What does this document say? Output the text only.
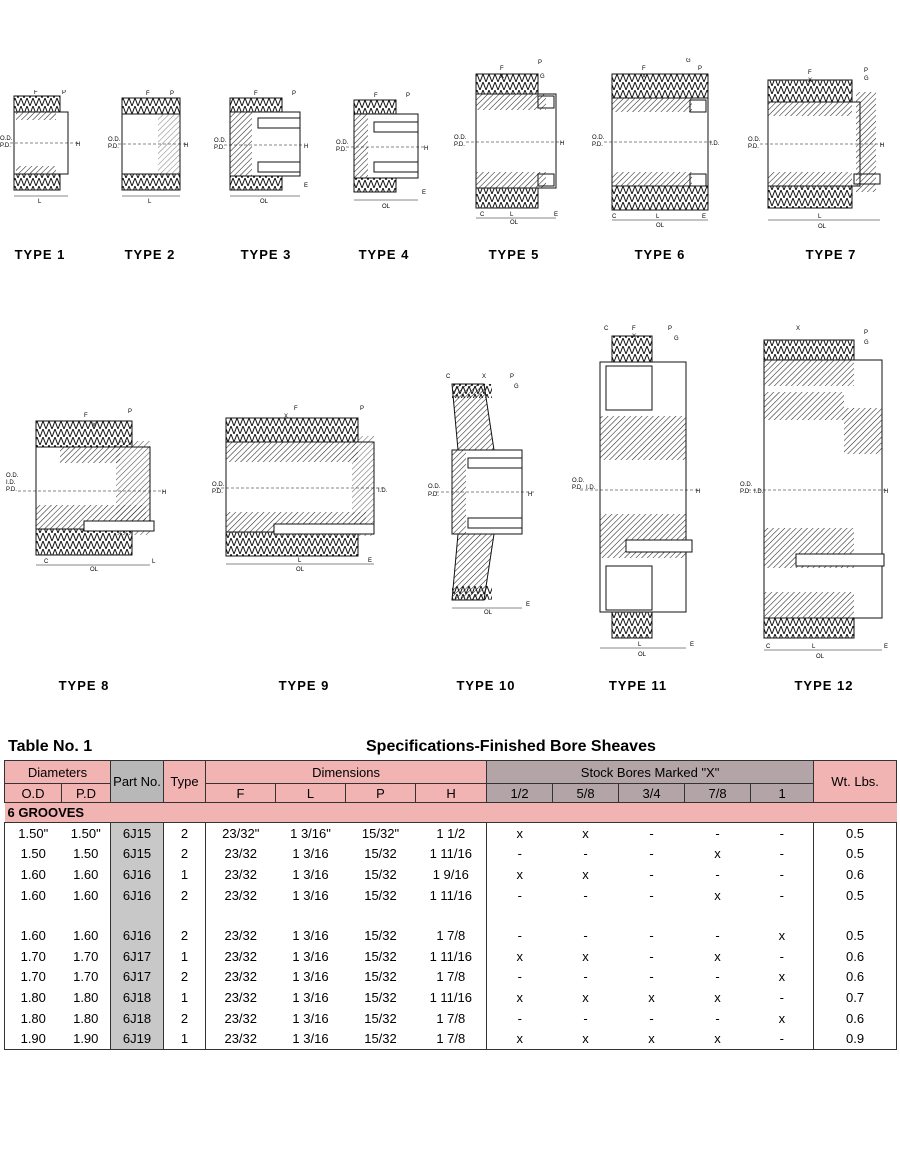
F	P
O.D.
P.D.	H
L
F	P
O.D.
P.D.	H
L
F	P
O.D.
P.D.	H
E
OL
F	P
O.D.
P.D.	H
E
OL
F
X
P
G
O.D.
P.D.	H
C	L	E
OL
F
X
G
P
O.D.
P.D.	I.D.
C	L	E
OL
F
X
P
G
O.D.
P.D.	H
L
OL
TYPE 1	TYPE 2	TYPE 3	TYPE 4	TYPE 5	TYPE 6	TYPE 7
F
X
P
O.D.
I.D.
P.D.	H
C
OL
L
F
X
P
O.D.
P.D.	I.D.
L
OL
E
C	X	P
G
O.D.
P.D.	H
OL
E
C	F	P
X	G
O.D.
P.D. I.D.
H
L
OL
E
X
P
G
O.D.
P.D. I.D.	H
C	L
OL
E
TYPE 8	TYPE 9	TYPE 10	TYPE 11	TYPE 12
Table No. 1	Specifications-Finished Bore Sheaves
Diameters		Part No.	Type	Dimensions				Stock Bores Marked "X"					Wt. Lbs.
O.D	P.D			F	L	P	H	1/2	5/8	3/4	7/8	1	
6 GROOVES													
1.50"	1.50"	6J15	2	23/32"	1 3/16"	15/32"	1 1/2	x	x	-	-	-	0.5
1.50	1.50	6J15	2	23/32	1 3/16	15/32	1 11/16	-	-	-	x	-	0.5
1.60	1.60	6J16	1	23/32	1 3/16	15/32	1 9/16	x	x	-	-	-	0.6
1.60	1.60	6J16	2	23/32	1 3/16	15/32	1 11/16	-	-	-	x	-	0.5

1.60	1.60	6J16	2	23/32	1 3/16	15/32	1 7/8	-	-	-	-	x	0.5
1.70	1.70	6J17	1	23/32	1 3/16	15/32	1 11/16	x	x	-	x	-	0.6
1.70	1.70	6J17	2	23/32	1 3/16	15/32	1 7/8	-	-	-	-	x	0.6
1.80	1.80	6J18	1	23/32	1 3/16	15/32	1 11/16	x	x	x	x	-	0.7
1.80	1.80	6J18	2	23/32	1 3/16	15/32	1 7/8	-	-	-	-	x	0.6
1.90	1.90	6J19	1	23/32	1 3/16	15/32	1 7/8	x	x	x	x	-	0.9
